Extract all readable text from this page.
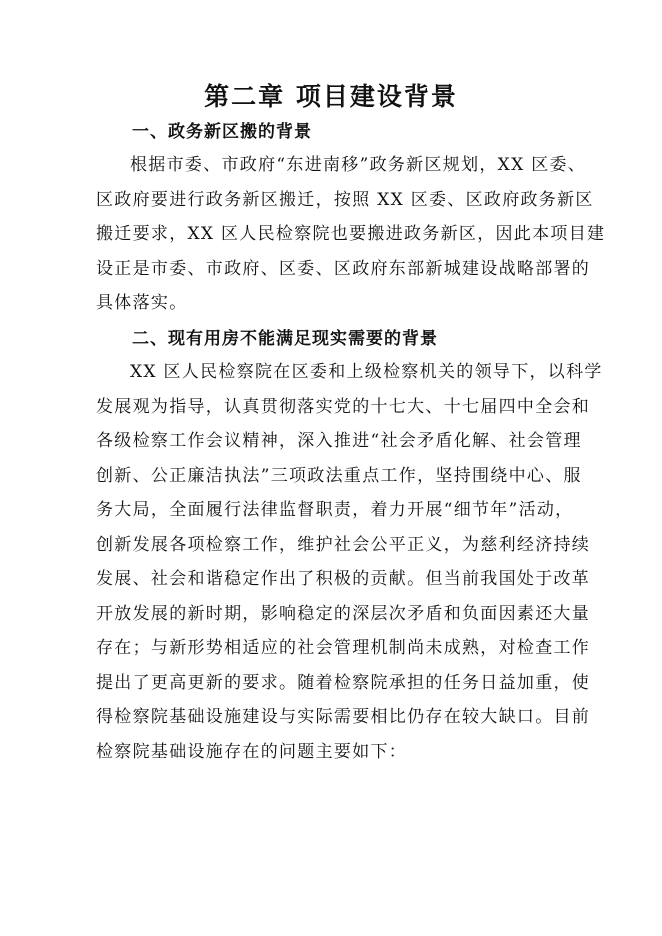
第二章 项目建设背景
一、政务新区搬的背景
根据市委、市政府“东进南移”政务新区规划，XX 区委、
区政府要进行政务新区搬迁，按照 XX 区委、区政府政务新区
搬迁要求，XX 区人民检察院也要搬进政务新区，因此本项目建
设正是市委、市政府、区委、区政府东部新城建设战略部署的
具体落实。
二、现有用房不能满足现实需要的背景
XX 区人民检察院在区委和上级检察机关的领导下，以科学
发展观为指导，认真贯彻落实党的十七大、十七届四中全会和
各级检察工作会议精神，深入推进“社会矛盾化解、社会管理
创新、公正廉洁执法”三项政法重点工作，坚持围绕中心、服
务大局，全面履行法律监督职责，着力开展“细节年”活动，
创新发展各项检察工作，维护社会公平正义，为慈利经济持续
发展、社会和谐稳定作出了积极的贡献。但当前我国处于改革
开放发展的新时期，影响稳定的深层次矛盾和负面因素还大量
存在；与新形势相适应的社会管理机制尚未成熟，对检查工作
提出了更高更新的要求。随着检察院承担的任务日益加重，使
得检察院基础设施建设与实际需要相比仍存在较大缺口。目前
检察院基础设施存在的问题主要如下：
